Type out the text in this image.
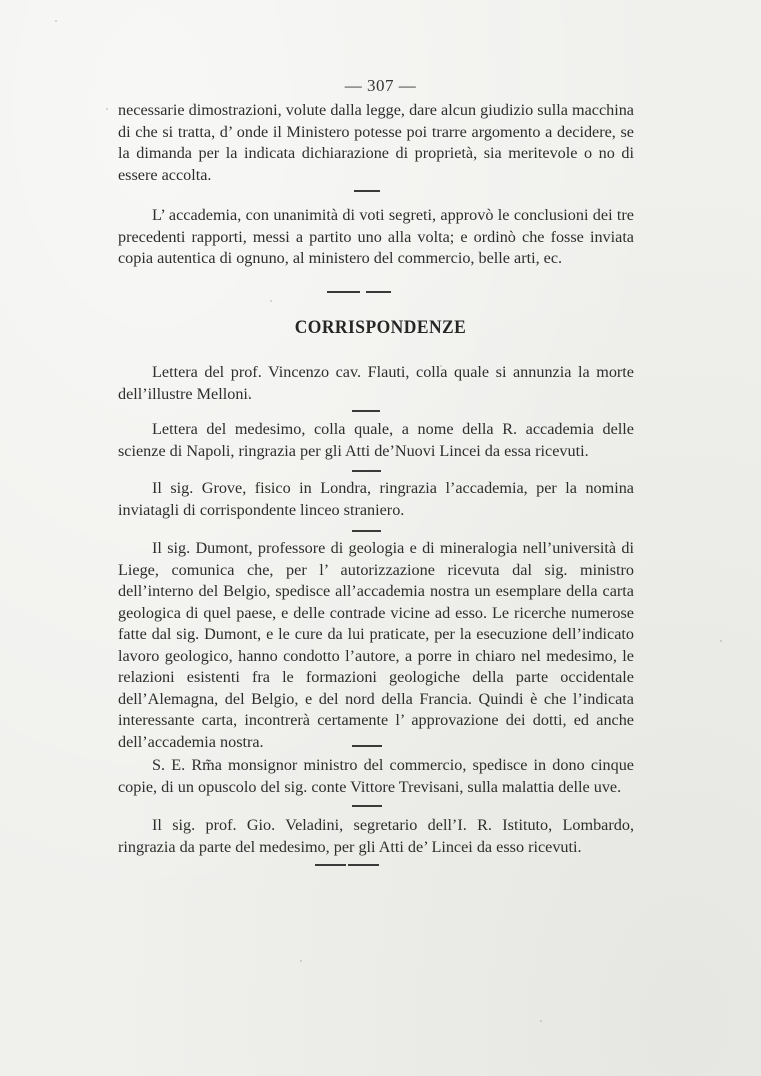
— 307 —

necessarie dimostrazioni, volute dalla legge, dare alcun giudizio sulla macchina di che si tratta, d’ onde il Ministero potesse poi trarre argomento a decidere, se la dimanda per la indicata dichiarazione di proprietà, sia meritevole o no di essere accolta.

L’ accademia, con unanimità di voti segreti, approvò le conclusioni dei tre precedenti rapporti, messi a partito uno alla volta; e ordinò che fosse inviata copia autentica di ognuno, al ministero del commercio, belle arti, ec.

CORRISPONDENZE

Lettera del prof. Vincenzo cav. Flauti, colla quale si annunzia la morte dell’illustre Melloni.

Lettera del medesimo, colla quale, a nome della R. accademia delle scienze di Napoli, ringrazia per gli Atti de’Nuovi Lincei da essa ricevuti.

Il sig. Grove, fisico in Londra, ringrazia l’accademia, per la nomina inviatagli di corrispondente linceo straniero.

Il sig. Dumont, professore di geologia e di mineralogia nell’università di Liege, comunica che, per l’ autorizzazione ricevuta dal sig. ministro dell’interno del Belgio, spedisce all’accademia nostra un esemplare della carta geologica di quel paese, e delle contrade vicine ad esso. Le ricerche numerose fatte dal sig. Dumont, e le cure da lui praticate, per la esecuzione dell’indicato lavoro geologico, hanno condotto l’autore, a porre in chiaro nel medesimo, le relazioni esistenti fra le formazioni geologiche della parte occidentale dell’Alemagna, del Belgio, e del nord della Francia. Quindi è che l’indicata interessante carta, incontrerà certamente l’ approvazione dei dotti, ed anche dell’accademia nostra.

S. E. Rm̃a monsignor ministro del commercio, spedisce in dono cinque copie, di un opuscolo del sig. conte Vittore Trevisani, sulla malattia delle uve.

Il sig. prof. Gio. Veladini, segretario dell’I. R. Istituto, Lombardo, ringrazia da parte del medesimo, per gli Atti de’ Lincei da esso ricevuti.
